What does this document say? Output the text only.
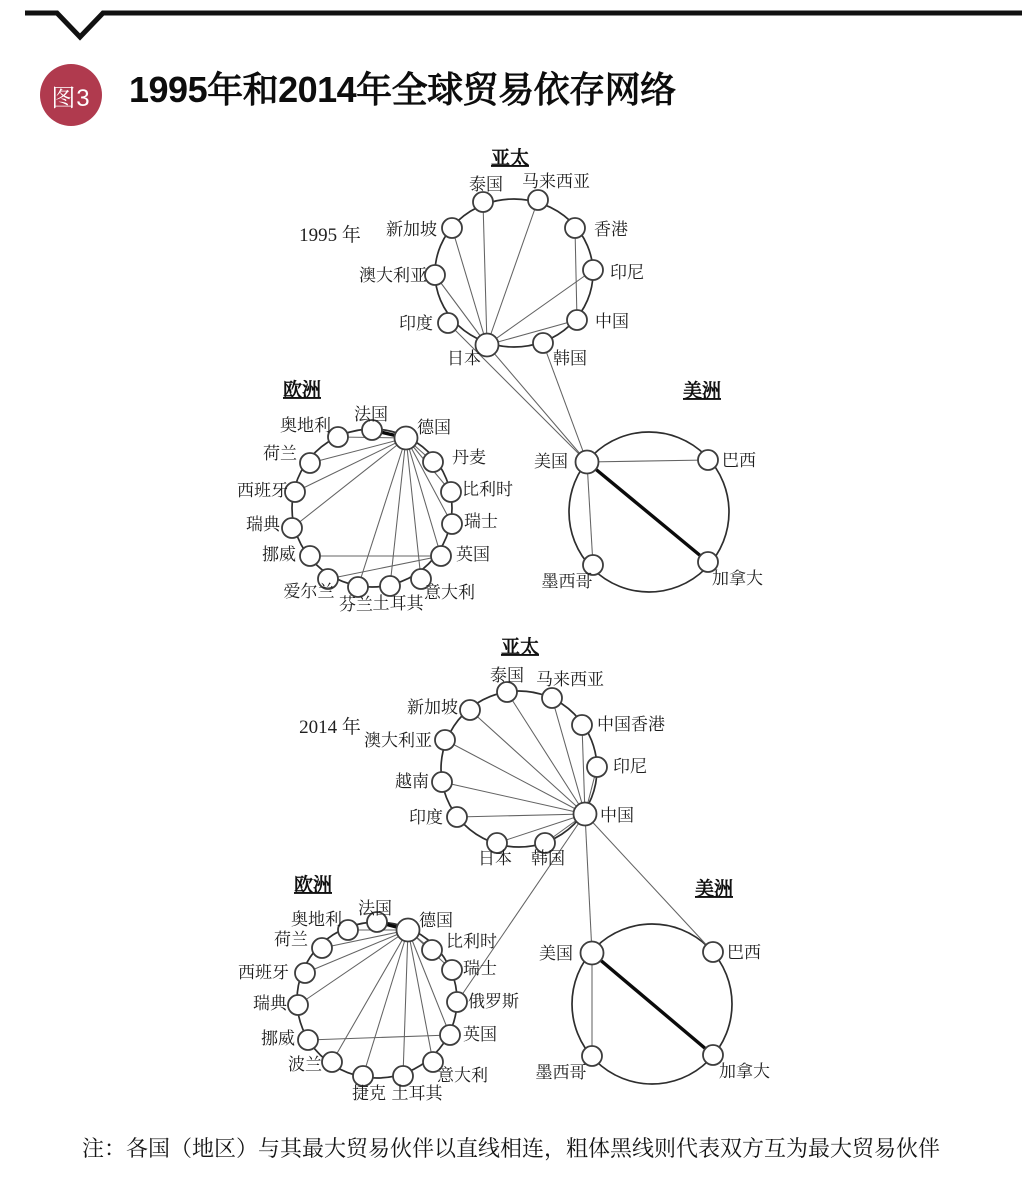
图3 1995年和2014年全球贸易依存网络
1995 年
亚太
泰国 马来西亚
香港
印尼
中国
韩国
日本
印度
澳大利亚
新加坡
欧洲
法国
德国
丹麦
比利时
瑞士
英国
意大利
土耳其
芬兰
爱尔兰
挪威
瑞典
西班牙
荷兰
奥地利
美洲
美国	巴西
加拿大
墨西哥
2014 年
亚太
泰国 马来西亚
中国香港
印尼
中国
韩国
日本
印度
越南
澳大利亚
新加坡
欧洲
法国
德国
比利时
瑞士
俄罗斯
英国
意大利
土耳其
捷克
波兰
挪威
瑞典
西班牙
荷兰
奥地利
美洲
美国	巴西
加拿大
墨西哥
注：各国（地区）与其最大贸易伙伴以直线相连，粗体黑线则代表双方互为最大贸易伙伴
